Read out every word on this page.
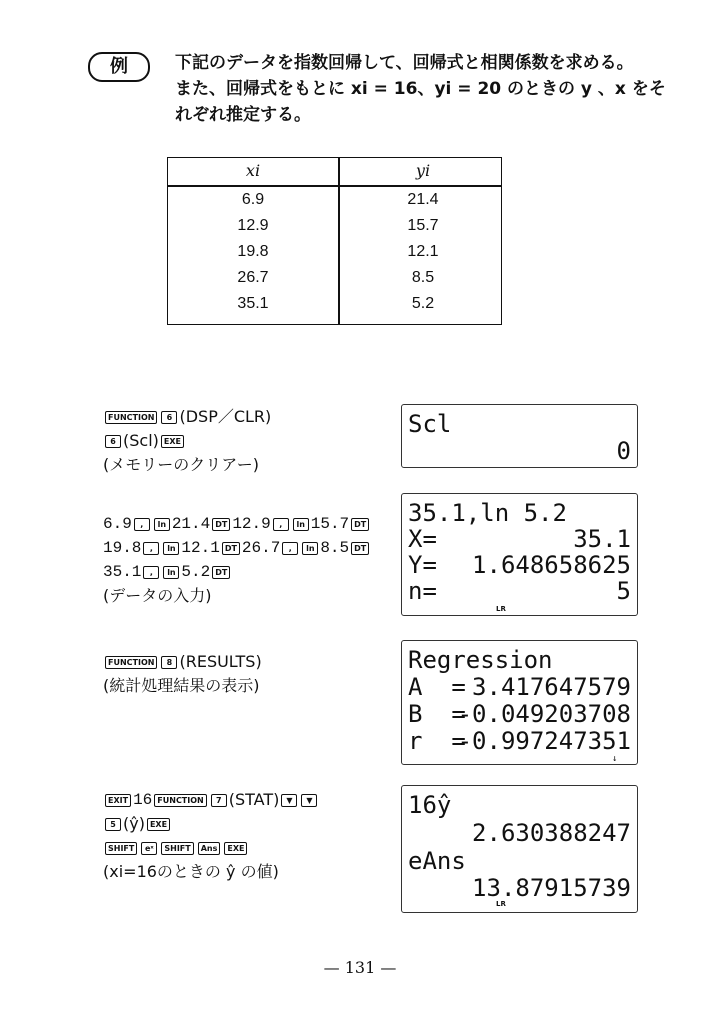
例	下記のデータを指数回帰して、回帰式と相関係数を求める。
また、回帰式をもとに xi = 16、yi = 20 のときの y 、x をそ
れぞれ推定する。
xi	yi
6.9	21.4
12.9	15.7
19.8	12.1
26.7	8.5
35.1	5.2
FUNCTION	6 (DSP／CLR)
6 (Scl) EXE
(メモリーのクリアー)
6.9	,	ln 21.4 DT 12.9	,	ln 15.7 DT
19.8	,	ln 12.1 DT 26.7	,	ln 8.5 DT
35.1	,	ln 5.2 DT
(データの入力)
FUNCTION	8 (RESULTS)
(統計処理結果の表示)
EXIT 16 FUNCTION	7 (STAT) ▼	▼
5 (ŷ) EXE
SHIFT	eˣ	SHIFT	Ans	EXE
(xi=16のときの ŷ の値)
Scl
0
35.1,ln 5.2
X=	35.1
Y=	1.648658625
n=	5
LR
Regression
A  = 3.417647579
B  =
-0.049203708
r  =
-0.997247351
↓
16ŷ
2.630388247
eAns
13.87915739
LR
— 131 —
